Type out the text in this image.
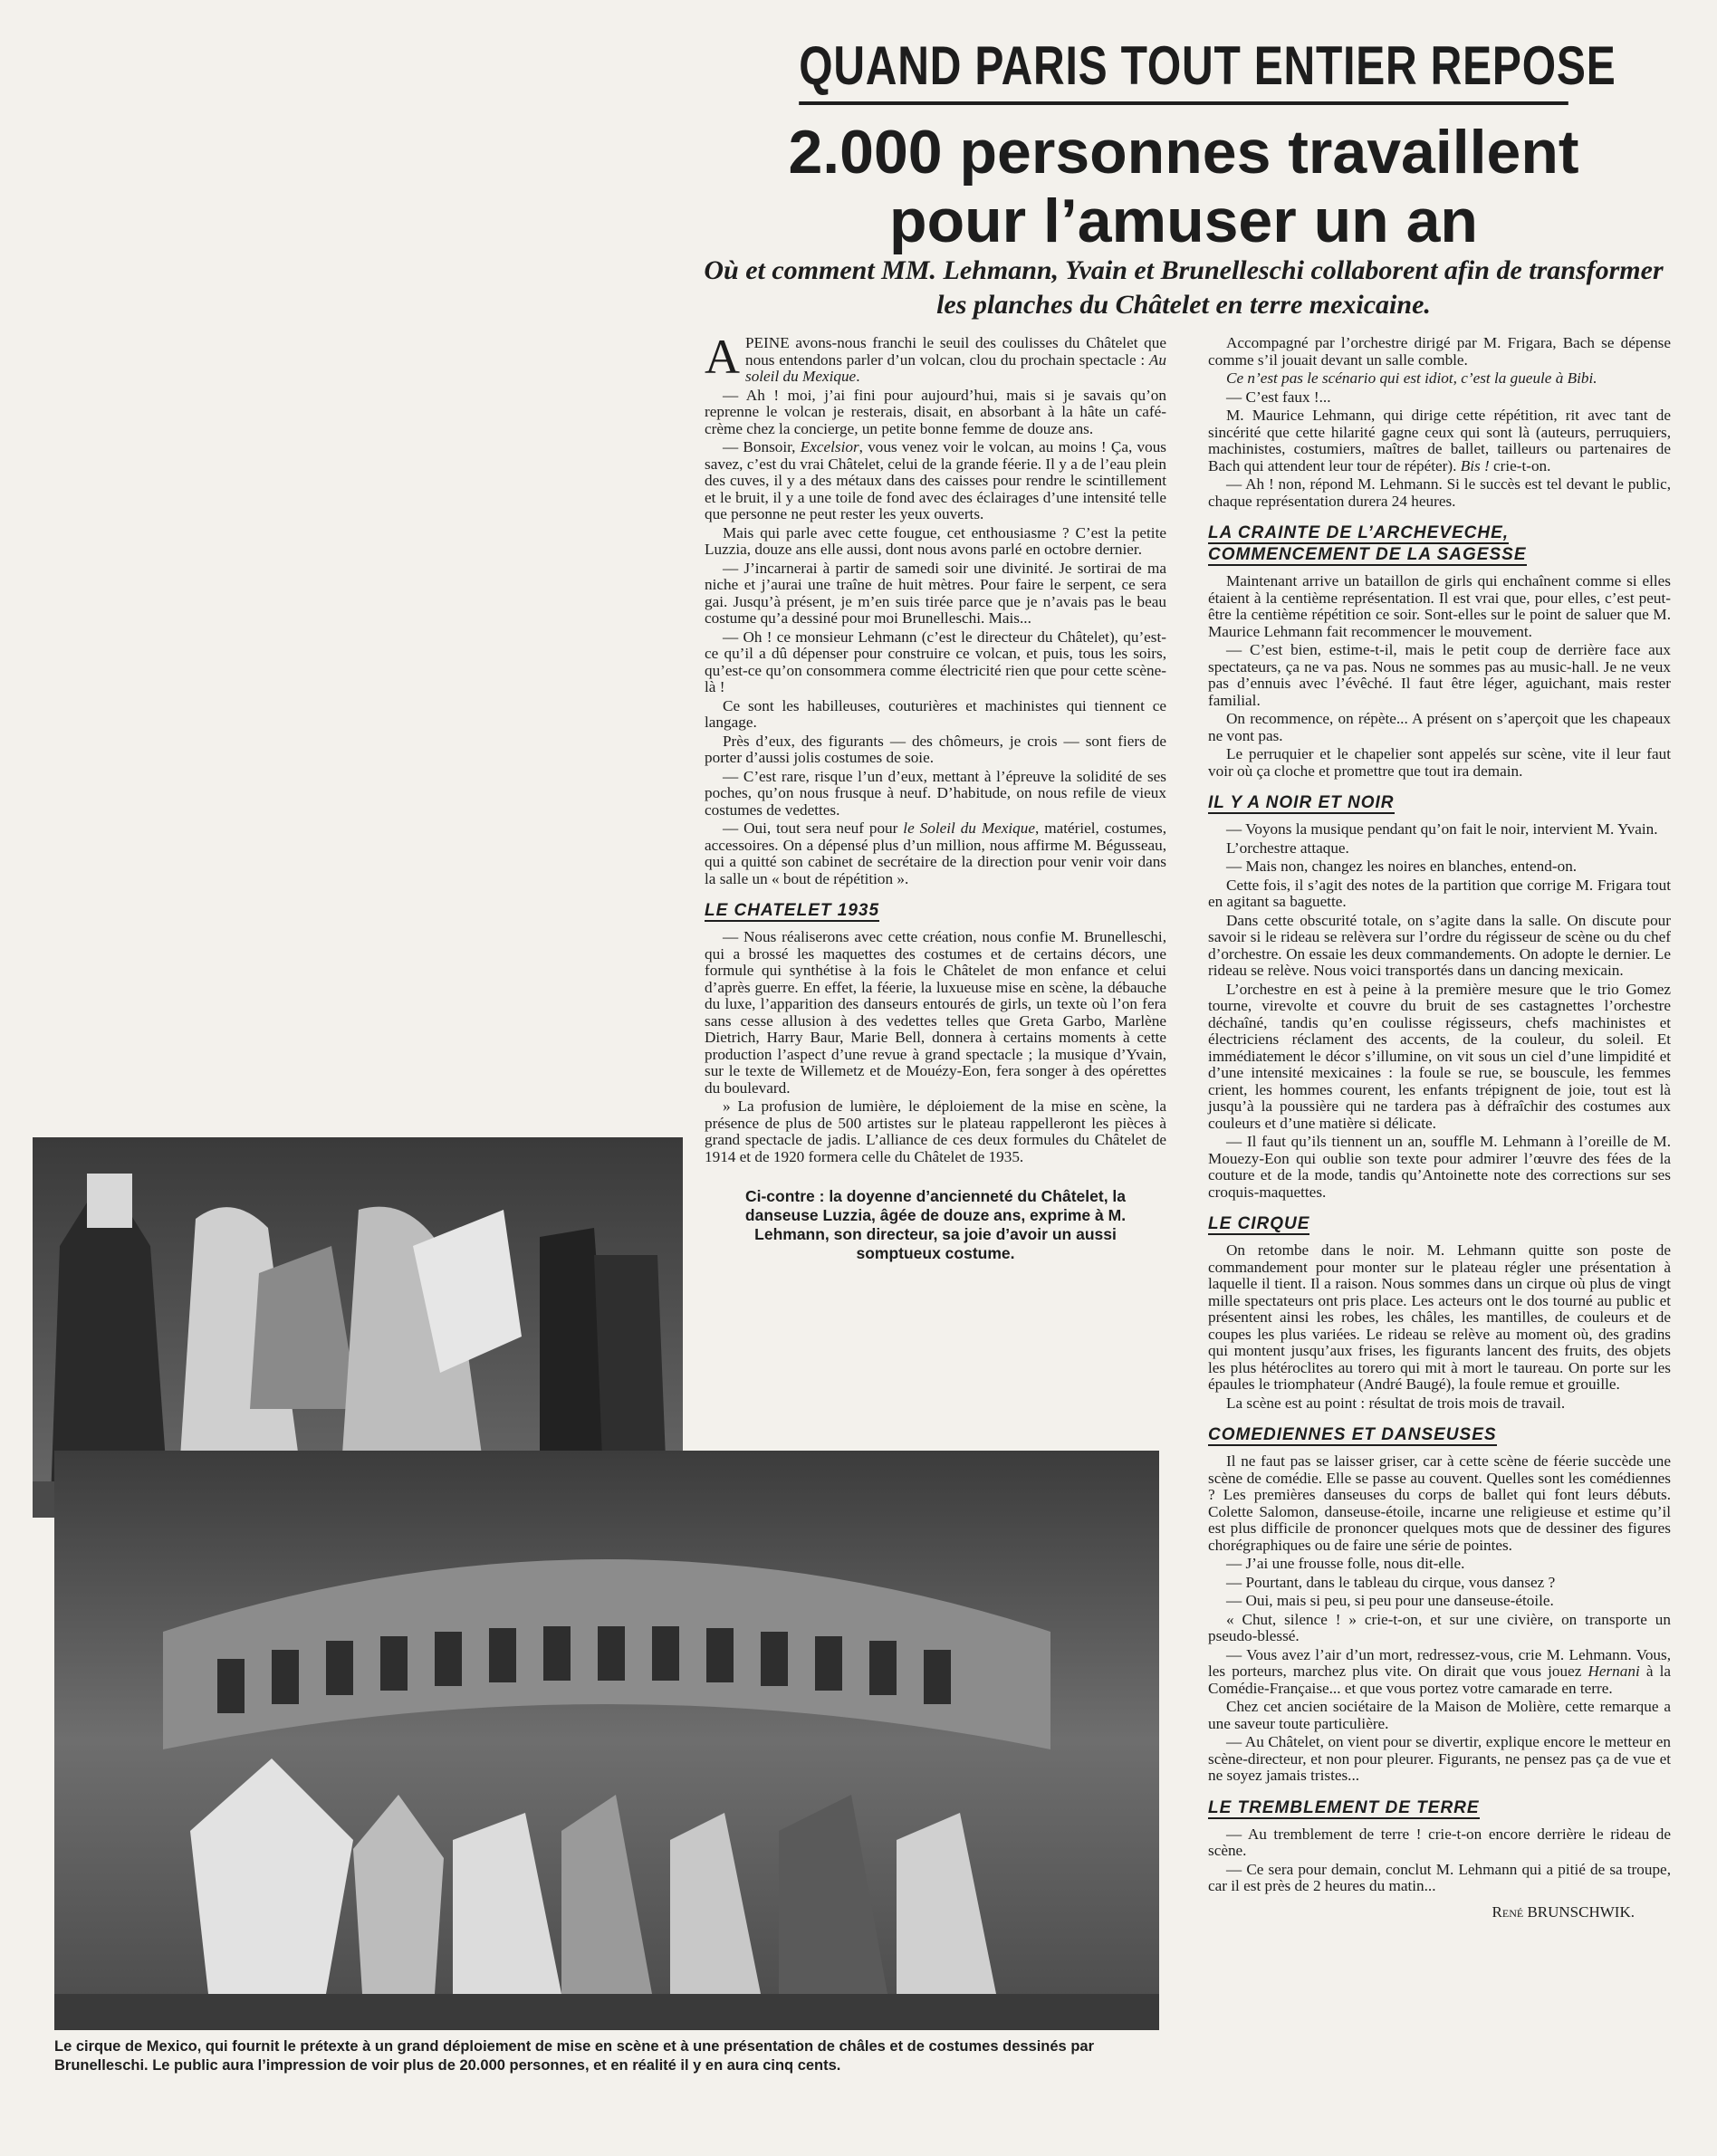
QUAND PARIS TOUT ENTIER REPOSE
2.000 personnes travaillent
pour l’amuser un an
Où et comment MM. Lehmann, Yvain et Brunelleschi collaborent afin de transformer les planches du Châtelet en terre mexicaine.

APEINE avons-nous franchi le seuil des coulisses du Châtelet que nous entendons parler d’un volcan, clou du prochain spectacle : Au soleil du Mexique.

— Ah ! moi, j’ai fini pour aujourd’hui, mais si je savais qu’on reprenne le volcan je resterais, disait, en absorbant à la hâte un café-crème chez la concierge, un petite bonne femme de douze ans.

— Bonsoir, Excelsior, vous venez voir le volcan, au moins ! Ça, vous savez, c’est du vrai Châtelet, celui de la grande féerie. Il y a de l’eau plein des cuves, il y a des métaux dans des caisses pour rendre le scintillement et le bruit, il y a une toile de fond avec des éclairages d’une intensité telle que personne ne peut rester les yeux ouverts.

Mais qui parle avec cette fougue, cet enthousiasme ? C’est la petite Luzzia, douze ans elle aussi, dont nous avons parlé en octobre dernier.

— J’incarnerai à partir de samedi soir une divinité. Je sortirai de ma niche et j’aurai une traîne de huit mètres. Pour faire le serpent, ce sera gai. Jusqu’à présent, je m’en suis tirée parce que je n’avais pas le beau costume qu’a dessiné pour moi Brunelleschi. Mais...

— Oh ! ce monsieur Lehmann (c’est le directeur du Châtelet), qu’est-ce qu’il a dû dépenser pour construire ce volcan, et puis, tous les soirs, qu’est-ce qu’on consommera comme électricité rien que pour cette scène-là !

Ce sont les habilleuses, couturières et machinistes qui tiennent ce langage.

Près d’eux, des figurants — des chômeurs, je crois — sont fiers de porter d’aussi jolis costumes de soie.

— C’est rare, risque l’un d’eux, mettant à l’épreuve la solidité de ses poches, qu’on nous frusque à neuf. D’habitude, on nous refile de vieux costumes de vedettes.

— Oui, tout sera neuf pour le Soleil du Mexique, matériel, costumes, accessoires. On a dépensé plus d’un million, nous affirme M. Bégusseau, qui a quitté son cabinet de secrétaire de la direction pour venir voir dans la salle un « bout de répétition ».

LE CHATELET 1935

— Nous réaliserons avec cette création, nous confie M. Brunelleschi, qui a brossé les maquettes des costumes et de certains décors, une formule qui synthétise à la fois le Châtelet de mon enfance et celui d’après guerre. En effet, la féerie, la luxueuse mise en scène, la débauche du luxe, l’apparition des danseurs entourés de girls, un texte où l’on fera sans cesse allusion à des vedettes telles que Greta Garbo, Marlène Dietrich, Harry Baur, Marie Bell, donnera à certains moments à cette production l’aspect d’une revue à grand spectacle ; la musique d’Yvain, sur le texte de Willemetz et de Mouézy-Eon, fera songer à des opérettes du boulevard.

» La profusion de lumière, le déploiement de la mise en scène, la présence de plus de 500 artistes sur le plateau rappelleront les pièces à grand spectacle de jadis. L’alliance de ces deux formules du Châtelet de 1914 et de 1920 formera celle du Châtelet de 1935.

Ci-contre : la doyenne d’ancienneté du Châtelet, la danseuse Luzzia, âgée de douze ans, exprime à M. Lehmann, son directeur, sa joie d’avoir un aussi somptueux costume.

Accompagné par l’orchestre dirigé par M. Frigara, Bach se dépense comme s’il jouait devant un salle comble.

Ce n’est pas le scénario qui est idiot, c’est la gueule à Bibi.

— C’est faux !...

M. Maurice Lehmann, qui dirige cette répétition, rit avec tant de sincérité que cette hilarité gagne ceux qui sont là (auteurs, perruquiers, machinistes, costumiers, maîtres de ballet, tailleurs ou partenaires de Bach qui attendent leur tour de répéter). Bis ! crie-t-on.

— Ah ! non, répond M. Lehmann. Si le succès est tel devant le public, chaque représentation durera 24 heures.

LA CRAINTE DE L’ARCHEVECHE,
COMMENCEMENT DE LA SAGESSE

Maintenant arrive un bataillon de girls qui enchaînent comme si elles étaient à la centième représentation. Il est vrai que, pour elles, c’est peut-être la centième répétition ce soir. Sont-elles sur le point de saluer que M. Maurice Lehmann fait recommencer le mouvement.

— C’est bien, estime-t-il, mais le petit coup de derrière face aux spectateurs, ça ne va pas. Nous ne sommes pas au music-hall. Je ne veux pas d’ennuis avec l’évêché. Il faut être léger, aguichant, mais rester familial.

On recommence, on répète... A présent on s’aperçoit que les chapeaux ne vont pas.

Le perruquier et le chapelier sont appelés sur scène, vite il leur faut voir où ça cloche et promettre que tout ira demain.

IL Y A NOIR ET NOIR

— Voyons la musique pendant qu’on fait le noir, intervient M. Yvain.

L’orchestre attaque.

— Mais non, changez les noires en blanches, entend-on.

Cette fois, il s’agit des notes de la partition que corrige M. Frigara tout en agitant sa baguette.

Dans cette obscurité totale, on s’agite dans la salle. On discute pour savoir si le rideau se relèvera sur l’ordre du régisseur de scène ou du chef d’orchestre. On essaie les deux commandements. On adopte le dernier. Le rideau se relève. Nous voici transportés dans un dancing mexicain.

L’orchestre en est à peine à la première mesure que le trio Gomez tourne, virevolte et couvre du bruit de ses castagnettes l’orchestre déchaîné, tandis qu’en coulisse régisseurs, chefs machinistes et électriciens réclament des accents, de la couleur, du soleil. Et immédiatement le décor s’illumine, on vit sous un ciel d’une limpidité et d’une intensité mexicaines : la foule se rue, se bouscule, les femmes crient, les hommes courent, les enfants trépignent de joie, tout est là jusqu’à la poussière qui ne tardera pas à défraîchir des costumes aux couleurs et d’une matière si délicate.

— Il faut qu’ils tiennent un an, souffle M. Lehmann à l’oreille de M. Mouezy-Eon qui oublie son texte pour admirer l’œuvre des fées de la couture et de la mode, tandis qu’Antoinette note des corrections sur ses croquis-maquettes.

LE CIRQUE

On retombe dans le noir. M. Lehmann quitte son poste de commandement pour monter sur le plateau régler une présentation à laquelle il tient. Il a raison. Nous sommes dans un cirque où plus de vingt mille spectateurs ont pris place. Les acteurs ont le dos tourné au public et présentent ainsi les robes, les châles, les mantilles, de couleurs et de coupes les plus variées. Le rideau se relève au moment où, des gradins qui montent jusqu’aux frises, les figurants lancent des fruits, des objets les plus hétéroclites au torero qui mit à mort le taureau. On porte sur les épaules le triomphateur (André Baugé), la foule remue et grouille.

La scène est au point : résultat de trois mois de travail.

COMEDIENNES ET DANSEUSES

Il ne faut pas se laisser griser, car à cette scène de féerie succède une scène de comédie. Elle se passe au couvent. Quelles sont les comédiennes ? Les premières danseuses du corps de ballet qui font leurs débuts. Colette Salomon, danseuse-étoile, incarne une religieuse et estime qu’il est plus difficile de prononcer quelques mots que de dessiner des figures chorégraphiques ou de faire une série de pointes.

— J’ai une frousse folle, nous dit-elle.

— Pourtant, dans le tableau du cirque, vous dansez ?

— Oui, mais si peu, si peu pour une danseuse-étoile.

« Chut, silence ! » crie-t-on, et sur une civière, on transporte un pseudo-blessé.

— Vous avez l’air d’un mort, redressez-vous, crie M. Lehmann. Vous, les porteurs, marchez plus vite. On dirait que vous jouez Hernani à la Comédie-Française... et que vous portez votre camarade en terre.

Chez cet ancien sociétaire de la Maison de Molière, cette remarque a une saveur toute particulière.

— Au Châtelet, on vient pour se divertir, explique encore le metteur en scène-directeur, et non pour pleurer. Figurants, ne pensez pas ça de vue et ne soyez jamais tristes...

LE TREMBLEMENT DE TERRE

— Au tremblement de terre ! crie-t-on encore derrière le rideau de scène.

— Ce sera pour demain, conclut M. Lehmann qui a pitié de sa troupe, car il est près de 2 heures du matin...

René BRUNSCHWIK.
Le cirque de Mexico, qui fournit le prétexte à un grand déploiement de mise en scène et à une présentation de châles et de costumes dessinés par Brunelleschi. Le public aura l’impression de voir plus de 20.000 personnes, et en réalité il y en aura cinq cents.
